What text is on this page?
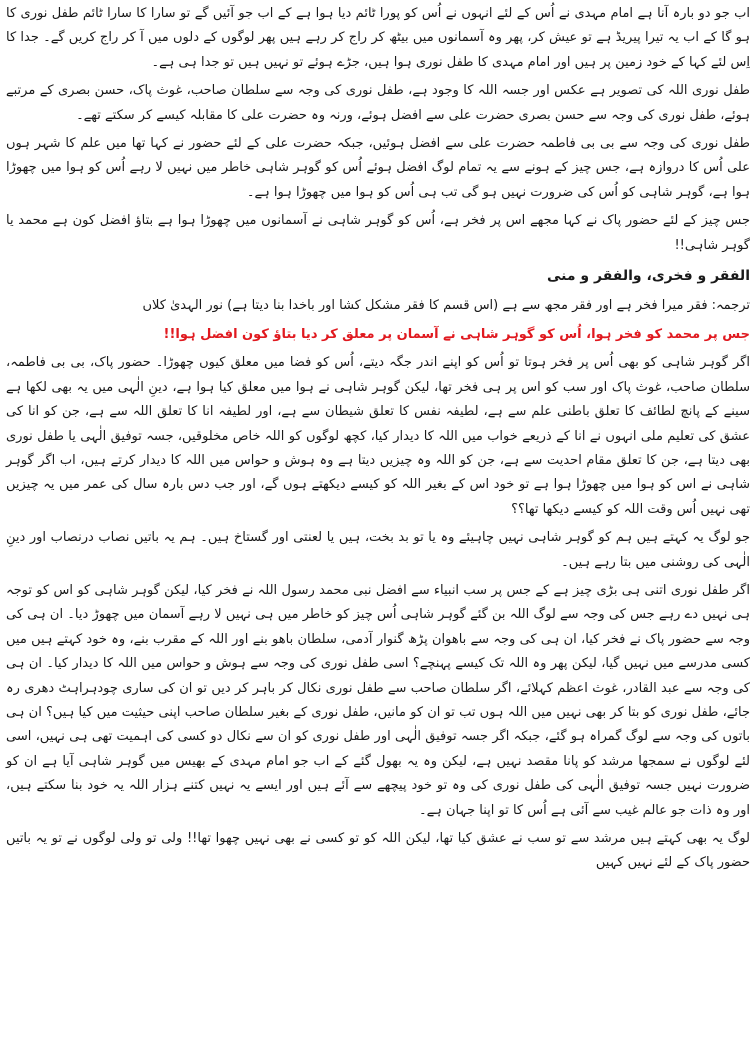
اب جو دو بارہ آنا ہے امام مہدی نے اُس کے لئے انہوں نے اُس کو پورا ٹائم دیا ہوا ہے کے اب جو آئیں گے تو سارا کا سارا ٹائم طفل نوری کا ہو گا کے اب یہ تیرا پیریڈ ہے تو عیش کر، پھر وہ آسمانوں میں بیٹھ کر راج کر رہے ہیں پھر لوگوں کے دلوں میں آ کر راج کریں گے۔ جدا کا اِس لئے کہا کے خود زمین پر ہیں اور امام مہدی کا طفل نوری ہوا ہیں، جڑے ہوئے تو نہیں ہیں تو جدا ہی ہے۔

طفل نوری اللہ کی تصویر ہے عکس اور جسہ اللہ کا وجود ہے، طفل نوری کی وجہ سے سلطان صاحب، غوث پاک، حسن بصری کے مرتبے ہوئے، طفل نوری کی وجہ سے حسن بصری حضرت علی سے افضل ہوئے، ورنہ وہ حضرت علی کا مقابلہ کیسے کر سکتے تھے۔

طفل نوری کی وجہ سے بی بی فاطمہ حضرت علی سے افضل ہوئیں، جبکہ حضرت علی کے لئے حضور نے کہا تھا میں علم کا شہر ہوں علی اُس کا دروازہ ہے، جس چیز کے ہونے سے یہ تمام لوگ افضل ہوئے اُس کو گوہر شاہی خاطر میں نہیں لا رہے اُس کو ہوا میں چھوڑا ہوا ہے، گوہر شاہی کو اُس کی ضرورت نہیں ہو گی تب ہی اُس کو ہوا میں چھوڑا ہوا ہے۔

جس چیز کے لئے حضور پاک نے کہا مجھے اس پر فخر ہے، اُس کو گوہر شاہی نے آسمانوں میں چھوڑا ہوا ہے بتاؤ افضل کون ہے محمد یا گوہر شاہی!!

الفقر و فخری، والفقر و منی

ترجمہ: فقر میرا فخر ہے اور فقر مجھ سے ہے (اس قسم کا فقر مشکل کشا اور باخدا بنا دیتا ہے) نور الہدیٰ کلاں

جس پر محمد کو فخر ہوا، اُس کو گوہر شاہی نے آسمان پر معلق کر دیا بتاؤ کون افضل ہوا!!

اگر گوہر شاہی کو بھی اُس پر فخر ہوتا تو اُس کو اپنے اندر جگہ دیتے، اُس کو فضا میں معلق کیوں چھوڑا۔ حضور پاک، بی بی فاطمہ، سلطان صاحب، غوث پاک اور سب کو اس پر ہی فخر تھا، لیکن گوہر شاہی نے ہوا میں معلق کیا ہوا ہے، دینِ الٰہی میں یہ بھی لکھا ہے سینے کے پانچ لطائف کا تعلق باطنی علم سے ہے، لطیفہ نفس کا تعلق شیطان سے ہے، اور لطیفہ انا کا تعلق اللہ سے ہے، جن کو انا کی عشق کی تعلیم ملی انہوں نے انا کے ذریعے خواب میں اللہ کا دیدار کیا، کچھ لوگوں کو اللہ خاص مخلوقیں، جسہ توفیق الٰہی یا طفل نوری بھی دیتا ہے، جن کا تعلق مقام احدیت سے ہے، جن کو اللہ وہ چیزیں دیتا ہے وہ ہوش و حواس میں اللہ کا دیدار کرتے ہیں، اب اگر گوہر شاہی نے اس کو ہوا میں چھوڑا ہوا ہے تو خود اس کے بغیر اللہ کو کیسے دیکھتے ہوں گے، اور جب دس بارہ سال کی عمر میں یہ چیزیں تھی نہیں اُس وقت اللہ کو کیسے دیکھا تھا؟؟

جو لوگ یہ کہتے ہیں ہم کو گوہر شاہی نہیں چاہیئے وہ یا تو بد بخت، ہیں یا لعنتی اور گستاخ ہیں۔ ہم یہ باتیں نصاب درنصاب اور دینِ الٰہی کی روشنی میں بتا رہے ہیں۔

اگر طفل نوری اتنی ہی بڑی چیز ہے کے جس پر سب انبیاء سے افضل نبی محمد رسول اللہ نے فخر کیا، لیکن گوہر شاہی کو اس کو توجہ ہی نہیں دے رہے جس کی وجہ سے لوگ اللہ بن گئے گوہر شاہی اُس چیز کو خاطر میں ہی نہیں لا رہے آسمان میں چھوڑ دیا۔ ان ہی کی وجہ سے حضور پاک نے فخر کیا، ان ہی کی وجہ سے باھوان پڑھ گنوار آدمی، سلطان باھو بنے اور اللہ کے مقرب بنے، وہ خود کہتے ہیں میں کسی مدرسے میں نہیں گیا، لیکن پھر وہ اللہ تک کیسے پہنچے؟ اسی طفل نوری کی وجہ سے ہوش و حواس میں اللہ کا دیدار کیا۔ ان ہی کی وجہ سے عبد القادر، غوث اعظم کہلائے، اگر سلطان صاحب سے طفل نوری نکال کر باہر کر دیں تو ان کی ساری چودہراہٹ دھری رہ جائے، طفل نوری کو بتا کر بھی نہیں میں اللہ ہوں تب تو ان کو مانیں، طفل نوری کے بغیر سلطان صاحب اپنی حیثیت میں کیا ہیں؟ ان ہی باتوں کی وجہ سے لوگ گمراہ ہو گئے، جبکہ اگر جسہ توفیق الٰہی اور طفل نوری کو ان سے نکال دو کسی کی اہمیت تھی ہی نہیں، اسی لئے لوگوں نے سمجھا مرشد کو پانا مقصد نہیں ہے، لیکن وہ یہ بھول گئے کے اب جو امام مہدی کے بھیس میں گوہر شاہی آیا ہے ان کو ضرورت نہیں جسہ توفیق الٰہی کی طفل نوری کی وہ تو خود پیچھے سے آئے ہیں اور ایسے یہ نہیں کتنے ہزار اللہ یہ خود بنا سکتے ہیں، اور وہ ذات جو عالم غیب سے آئی ہے اُس کا تو اپنا جہان ہے۔

لوگ یہ بھی کہتے ہیں مرشد سے تو سب نے عشق کیا تھا، لیکن اللہ کو تو کسی نے بھی نہیں چھوا تھا!! ولی تو ولی لوگوں نے تو یہ باتیں حضور پاک کے لئے نہیں کہیں
